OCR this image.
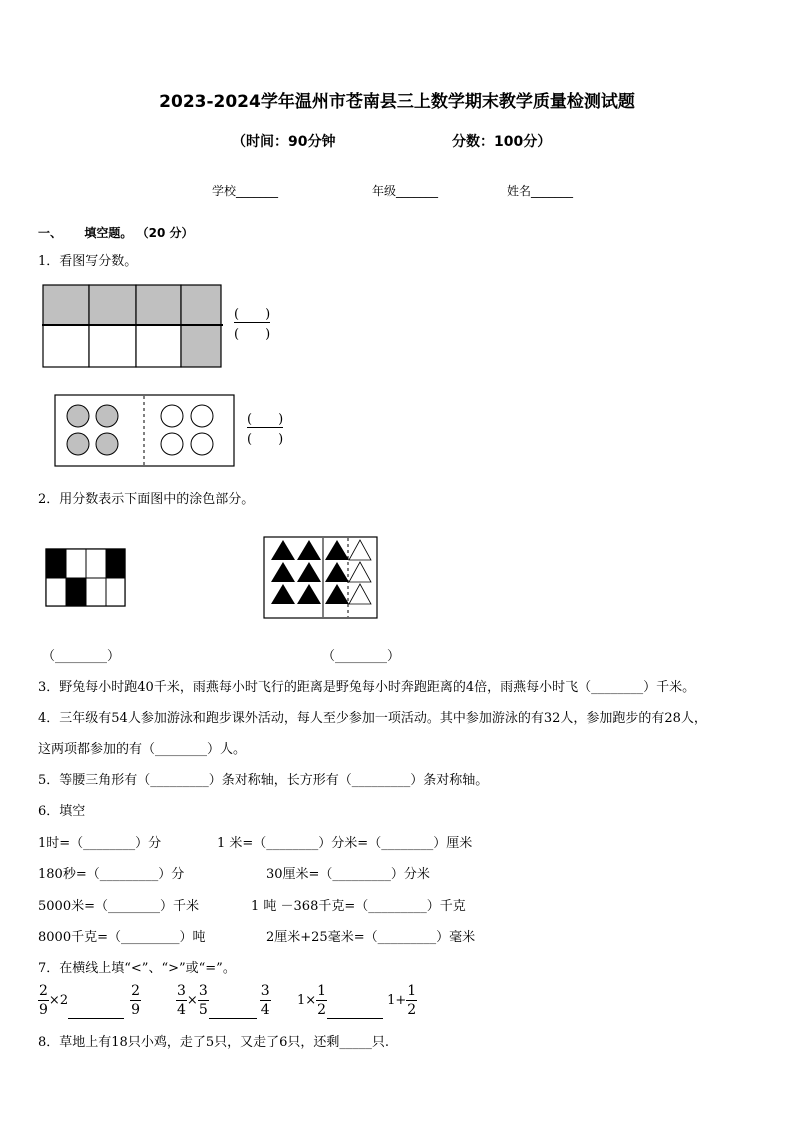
2023-2024学年温州市苍南县三上数学期末教学质量检测试题
（时间：90分钟	分数：100分）
学校_______	年级_______	姓名_______
一、 填空题。 （20 分）
1．看图写分数。
(　　)
(　　)
(　　)
(　　)
2．用分数表示下面图中的涂色部分。
（________）	（________）
3．野兔每小时跑40千米，雨燕每小时飞行的距离是野兔每小时奔跑距离的4倍，雨燕每小时飞（________）千米。
4．三年级有54人参加游泳和跑步课外活动，每人至少参加一项活动。其中参加游泳的有32人，参加跑步的有28人，
这两项都参加的有（________）人。
5．等腰三角形有（_________）条对称轴，长方形有（_________）条对称轴。
6．填空
1时=（________）分	1 米=（________）分米=（________）厘米
180秒=（_________）分	30厘米=（_________）分米
5000米=（________）千米	1 吨 －368千克=（_________）千克
8000千克=（_________）吨	2厘米+25毫米=（_________）毫米
7．在横线上填“<”、“>”或“=”。
$\frac{2}{9} \times 2$	$\frac{2}{9} \frac{3}{4} \times \frac{3}{5}$	$\frac{3}{4} 1\times \frac{1}{2}$	$1+ \frac{1}{2}$
8．草地上有18只小鸡，走了5只，又走了6只，还剩_____只.
